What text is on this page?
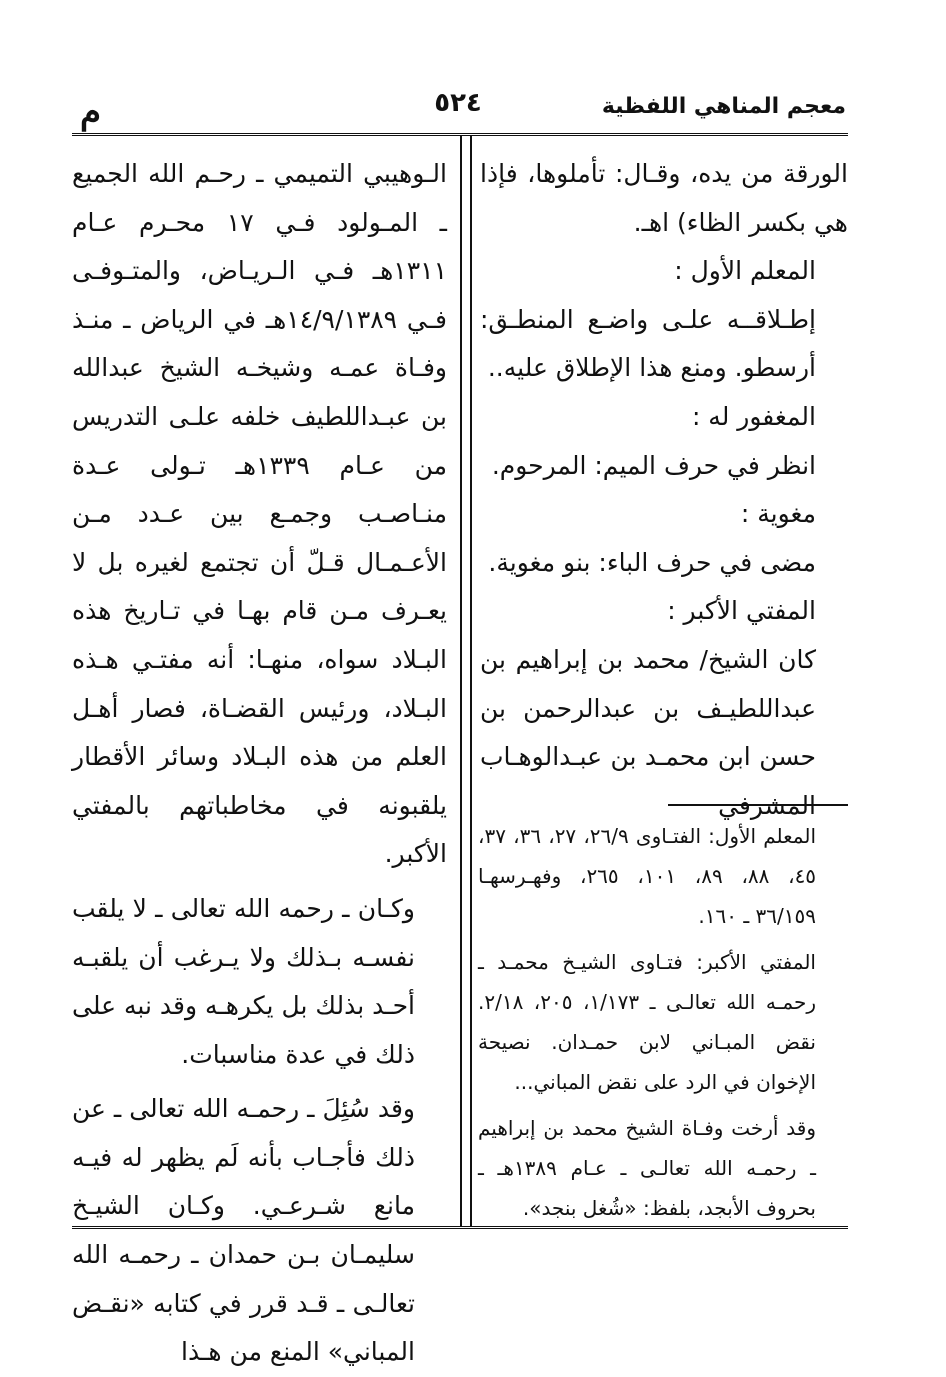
معجم المناهي اللفظية
٥٢٤
م

الورقة من يده، وقـال: تأملوها، فإذا هي بكسر الظاء) اهـ.

المعلم الأول :

إطـلاقــه علـى واضـع المنطـق: أرسطو. ومنع هذا الإطلاق عليه..

المغفور له :

انظر في حرف الميم: المرحوم.

مغوية :

مضى في حرف الباء: بنو مغوية.

المفتي الأكبر :

كان الشيخ/ محمد بن إبراهيم بن عبداللطيـف بن عبدالرحمن بن حسن ابن محمـد بن عبـدالوهـاب المشرفي

المعلم الأول: الفتـاوى ٢٦/٩، ٢٧، ٣٦، ٣٧، ٤٥، ٨٨، ٨٩، ١٠١، ٢٦٥، وفهـرسهـا ٣٦/١٥٩ ـ ١٦٠.

المفتي الأكبر: فتـاوى الشيـخ محمـد ـ رحمـه الله تعالـى ـ ١/١٧٣، ٢٠٥، ٢/١٨. نقض المبـاني لابن حمـدان. نصيحة الإخوان في الرد على نقض المباني...

وقد أرخت وفـاة الشيخ محمد بن إبراهيم ـ رحمـه الله تعالـى ـ عـام ١٣٨٩هـ ـ بحروف الأبجد، بلفظ: «شُغل بنجد».

الـوهيبي التميمي ـ رحـم الله الجميع ـ المـولود فـي ١٧ محـرم عـام ١٣١١هـ فـي الـريـاض، والمتـوفـى فـي ١٤/٩/١٣٨٩هـ في الرياض ـ منـذ وفـاة عمـه وشيخـه الشيخ عبدالله بن عبـداللطيف خلفه علـى التدريس من عـام ١٣٣٩هـ تـولى عـدة منـاصـب وجمـع بين عـدد مـن الأعـمـال قـلّ أن تجتمع لغيره بل لا يعـرف مـن قام بهـا في تـاريخ هذه البـلاد سواه، منهـا: أنه مفتـي هـذه البـلاد، ورئيس القضـاة، فصار أهـل العلم من هذه البـلاد وسائر الأقطار يلقبونه في مخاطباتهم بالمفتي الأكبر.

وكـان ـ رحمه الله تعالى ـ لا يلقب نفسـه بـذلك ولا يـرغب أن يلقبـه أحـد بذلك بل يكرهـه وقد نبه على ذلك في عدة مناسبات.

وقد سُئِلَ ـ رحمـه الله تعالى ـ عن ذلك فأجـاب بأنه لَم يظهر له فيـه مانع شـرعـي. وكـان الشيـخ سليمـان بـن حمدان ـ رحمـه الله تعالـى ـ قـد قرر في كتابه «نقـض المباني» المنع من هـذا
